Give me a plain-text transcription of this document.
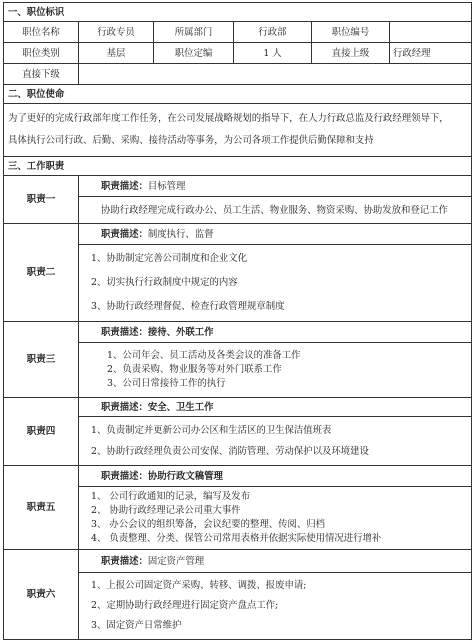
一、职位标识					
职位名称	行政专员	所属部门	行政部	职位编号	
职位类别	基层	职位定编	1 人	直接上级	行政经理
直接下级					
二、职位使命					

为了更好的完成行政部年度工作任务，在公司发展战略规划的指导下，在人力行政总监及行政经理领导下，
具体执行公司行政、后勤、采购、接待活动等事务，为公司各项工作提供后勤保障和支持					

三、工作职责					
职责一	职责描述：目标管理				
	协助行政经理完成行政办公、员工生活、物业服务、物资采购、协助发放和登记工作				
职责二	职责描述：制度执行、监督				

	1、协助制定完善公司制度和企业文化
2、切实执行行政制度中规定的内容
3、协助行政经理督促、检查行政管理规章制度				

职责三	职责描述：接待、外联工作				

	1、公司年会、员工活动及各类会议的准备工作
2、负责采购、物业服务等对外门联系工作
3、公司日常接待工作的执行				

职责四	职责描述：安全、卫生工作				

	1、负责制定并更新公司办公区和生活区的卫生保洁值班表
2、协助行政经理负责公司安保、消防管理、劳动保护以及环境建设				

职责五	职责描述：协助行政文稿管理				

	1、 公司行政通知的记录，编写及发布
2、 协助行政经理记录公司重大事件
3、 办公会议的组织筹备，会议纪要的整理、传阅、归档
4、 负责整理、分类、保管公司常用表格并依据实际使用情况进行增补				

职责六	职责描述：固定资产管理				

	1、上报公司固定资产采购、转移、调拨、报废申请;
2、定期协助行政经理进行固定资产盘点工作;
3、固定资产日常维护				
